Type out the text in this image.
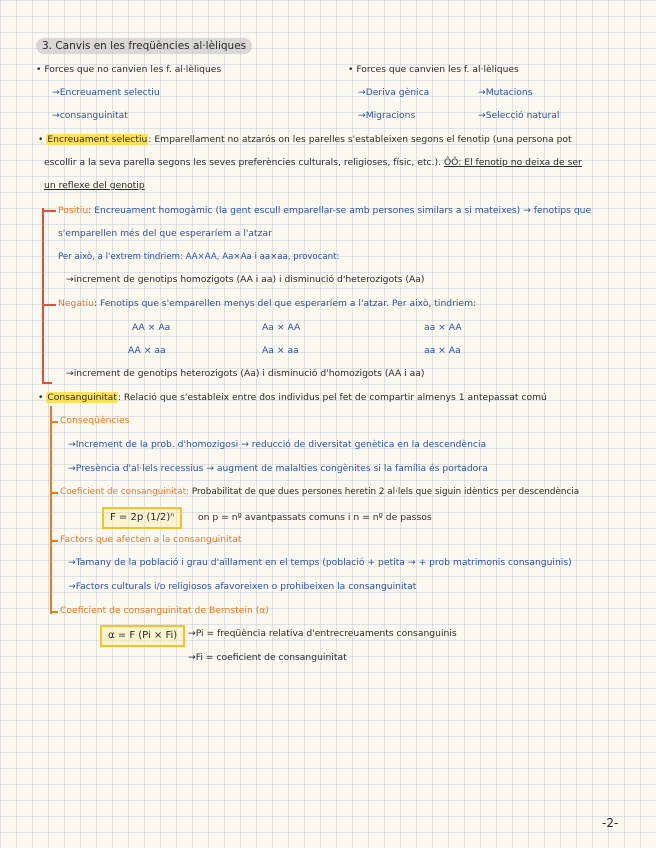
3. Canvis en les freqüències al·lèliques
• Forces que no canvien les f. al·lèliques
→Encreuament selectiu
→consanguinitat
• Forces que canvien les f. al·lèliques
→Deriva gènica
→Migracions
→Mutacions
→Selecció natural
• Encreuament selectiu: Emparellament no atzarós on les parelles s'estableixen segons el fenotip (una persona pot
escollir a la seva parella segons les seves preferències culturals, religioses, físic, etc.). ÔÔ: El fenotip no deixa de ser
un reflexe del genotip
Positiu: Encreuament homogàmic (la gent escull emparellar-se amb persones similars a si mateixes) → fenotips que
s'emparellen més del que esperaríem a l'atzar
Per això, a l'extrem tindriem: AA×AA, Aa×Aa i aa×aa, provocant:
→increment de genotips homozigots (AA i aa) i disminució d'heterozigots (Aa)
Negatiu: Fenotips que s'emparellen menys del que esperaríem a l'atzar. Per això, tindriem:
AA × Aa	Aa × AA	aa × AA
AA × aa	Aa × aa	aa × Aa
→increment de genotips heterozigots (Aa) i disminució d'homozigots (AA i aa)
• Consanguinitat: Relació que s'estableix entre dos individus pel fet de compartir almenys 1 antepassat comú
Conseqüències
→Increment de la prob. d'homozigosi → reducció de diversitat genètica en la descendència
→Presència d'al·lels recessius → augment de malalties congènites si la família és portadora
Coeficient de consanguinitat: Probabilitat de que dues persones heretin 2 al·lels que siguin idèntics per descendència
F = 2p (1/2)ⁿ	on p = nº avantpassats comuns i n = nº de passos
Factors que afecten a la consanguinitat
→Tamany de la població i grau d'aïllament en el temps (població + petita → + prob matrimonis consanguinis)
→Factors culturals i/o religiosos afavoreixen o prohibeixen la consanguinitat
Coeficient de consanguinitat de Bernstein (α)
α = F (Pi × Fi)	→Pi = freqüència relativa d'entrecreuaments consanguinis
→Fi = coeficient de consanguinitat
-2-
